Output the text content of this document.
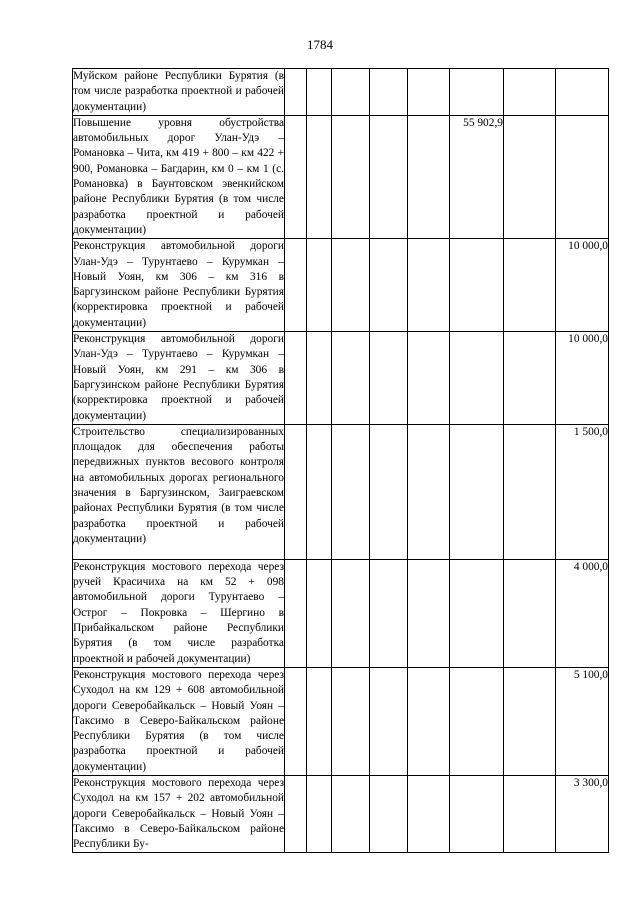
1784
Муйском районе Республики Бурятия (в том числе разработка проектной и рабочей документации)								
Повышение уровня обустройства автомобильных дорог Улан-Удэ – Романовка – Чита, км 419 + 800 – км 422 + 900, Романовка – Багдарин, км 0 – км 1 (с. Романовка) в Баунтовском эвенкийском районе Республики Бурятия (в том числе разработка проектной и рабочей документации)						55 902,9		
Реконструкция автомобильной дороги Улан-Удэ – Турунтаево – Курумкан – Новый Уоян, км 306 – км 316 в Баргузинском районе Республики Бурятия (корректировка проектной и рабочей документации)								10 000,0
Реконструкция автомобильной дороги Улан-Удэ – Турунтаево – Курумкан – Новый Уоян, км 291 – км 306 в Баргузинском районе Республики Бурятия (корректировка проектной и рабочей документации)								10 000,0
Строительство специализированных площадок для обеспечения работы передвижных пунктов весового контроля на автомобильных дорогах регионального значения в Баргузинском, Заиграевском районах Республики Бурятия (в том числе разработка проектной и рабочей документации)								1 500,0
Реконструкция мостового перехода через ручей Красичиха на км 52 + 098 автомобильной дороги Турунтаево – Острог – Покровка – Шергино в Прибайкальском районе Республики Бурятия (в том числе разработка проектной и рабочей документации)								4 000,0
Реконструкция мостового перехода через Суходол на км 129 + 608 автомобильной дороги Северобайкальск – Новый Уоян – Таксимо в Северо-Байкальском районе Республики Бурятия (в том числе разработка проектной и рабочей документации)								5 100,0
Реконструкция мостового перехода через Суходол на км 157 + 202 автомобильной дороги Северобайкальск – Новый Уоян – Таксимо в Северо-Байкальском районе Республики Бу-								3 300,0
